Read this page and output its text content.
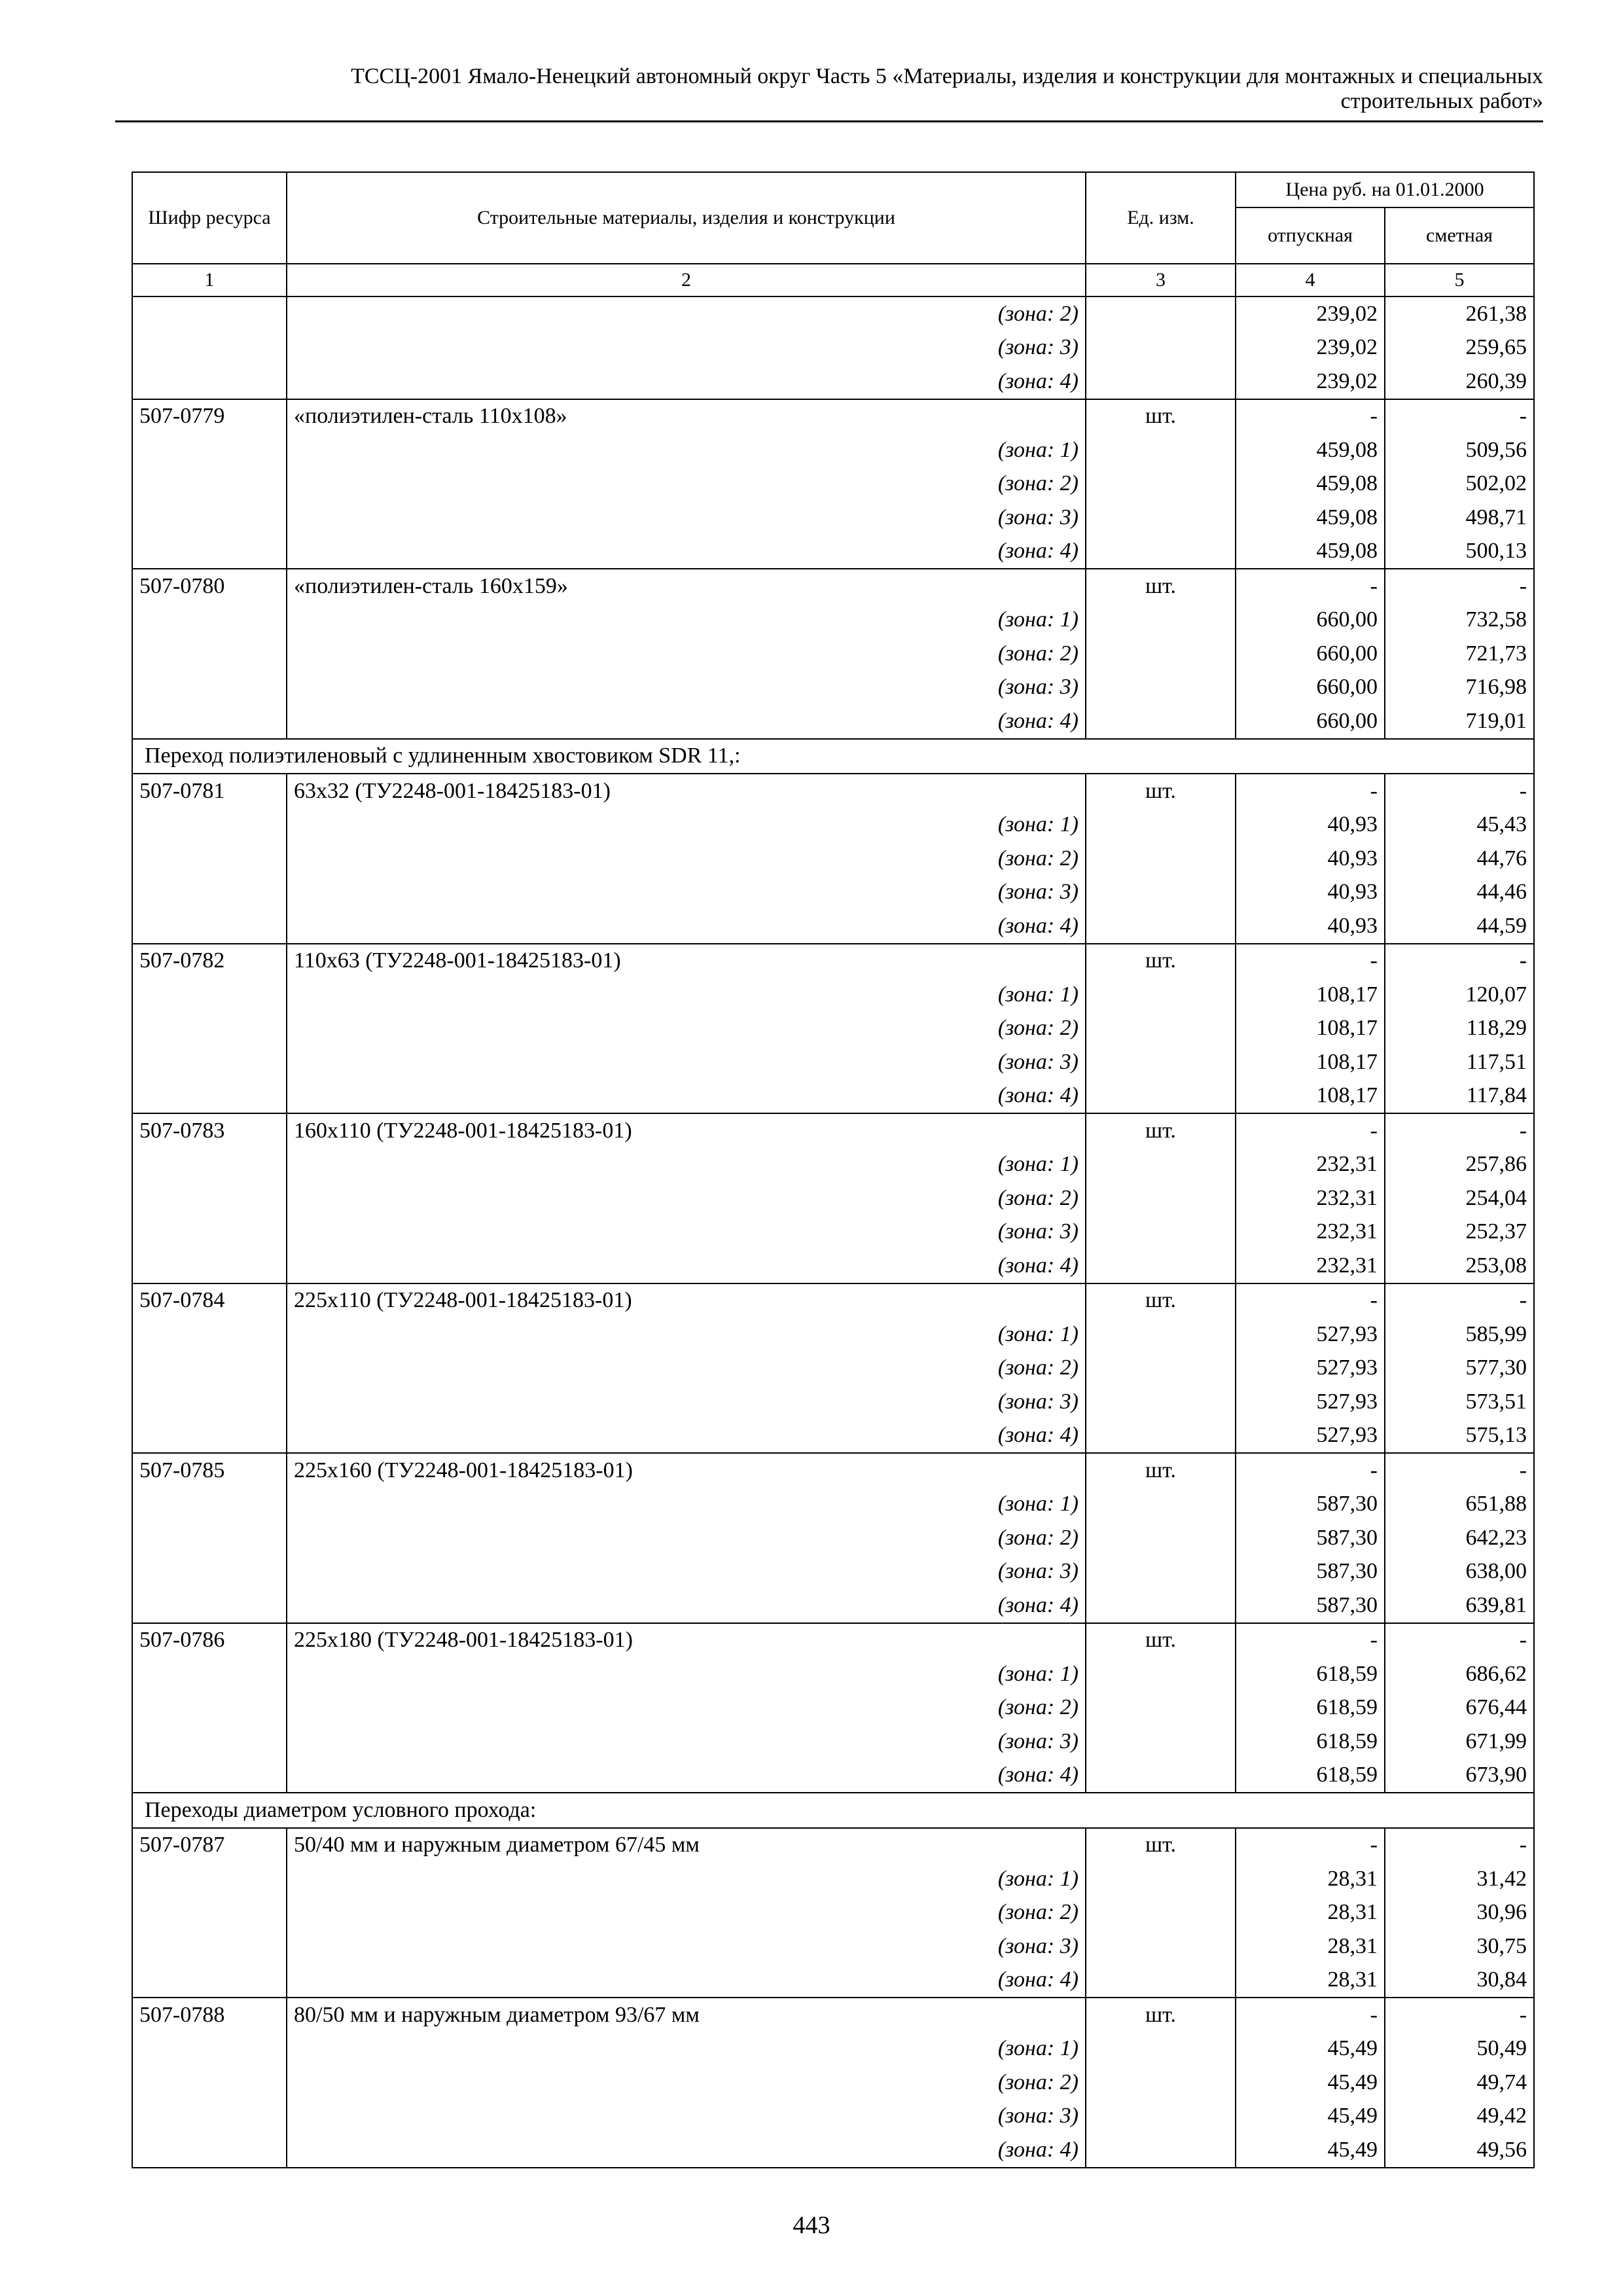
ТССЦ-2001 Ямало-Ненецкий автономный округ Часть 5 «Материалы, изделия и конструкции для монтажных и специальных
строительных работ»
Шифр ресурса	Строительные материалы, изделия и конструкции	Ед. изм.	Цена руб. на 01.01.2000	
			отпускная	сметная
1	2	3	4	5
	(зона: 2)		239,02	261,38
	(зона: 3)		239,02	259,65
	(зона: 4)		239,02	260,39
507-0779	«полиэтилен-сталь 110х108»	шт.	-	-
	(зона: 1)		459,08	509,56
	(зона: 2)		459,08	502,02
	(зона: 3)		459,08	498,71
	(зона: 4)		459,08	500,13
507-0780	«полиэтилен-сталь 160х159»	шт.	-	-
	(зона: 1)		660,00	732,58
	(зона: 2)		660,00	721,73
	(зона: 3)		660,00	716,98
	(зона: 4)		660,00	719,01
Переход полиэтиленовый с удлиненным хвостовиком SDR 11,:				
507-0781	63х32 (ТУ2248-001-18425183-01)	шт.	-	-
	(зона: 1)		40,93	45,43
	(зона: 2)		40,93	44,76
	(зона: 3)		40,93	44,46
	(зона: 4)		40,93	44,59
507-0782	110х63 (ТУ2248-001-18425183-01)	шт.	-	-
	(зона: 1)		108,17	120,07
	(зона: 2)		108,17	118,29
	(зона: 3)		108,17	117,51
	(зона: 4)		108,17	117,84
507-0783	160х110 (ТУ2248-001-18425183-01)	шт.	-	-
	(зона: 1)		232,31	257,86
	(зона: 2)		232,31	254,04
	(зона: 3)		232,31	252,37
	(зона: 4)		232,31	253,08
507-0784	225х110 (ТУ2248-001-18425183-01)	шт.	-	-
	(зона: 1)		527,93	585,99
	(зона: 2)		527,93	577,30
	(зона: 3)		527,93	573,51
	(зона: 4)		527,93	575,13
507-0785	225х160 (ТУ2248-001-18425183-01)	шт.	-	-
	(зона: 1)		587,30	651,88
	(зона: 2)		587,30	642,23
	(зона: 3)		587,30	638,00
	(зона: 4)		587,30	639,81
507-0786	225х180 (ТУ2248-001-18425183-01)	шт.	-	-
	(зона: 1)		618,59	686,62
	(зона: 2)		618,59	676,44
	(зона: 3)		618,59	671,99
	(зона: 4)		618,59	673,90
Переходы диаметром условного прохода:				
507-0787	50/40 мм и наружным диаметром 67/45 мм	шт.	-	-
	(зона: 1)		28,31	31,42
	(зона: 2)		28,31	30,96
	(зона: 3)		28,31	30,75
	(зона: 4)		28,31	30,84
507-0788	80/50 мм и наружным диаметром 93/67 мм	шт.	-	-
	(зона: 1)		45,49	50,49
	(зона: 2)		45,49	49,74
	(зона: 3)		45,49	49,42
	(зона: 4)		45,49	49,56
443
